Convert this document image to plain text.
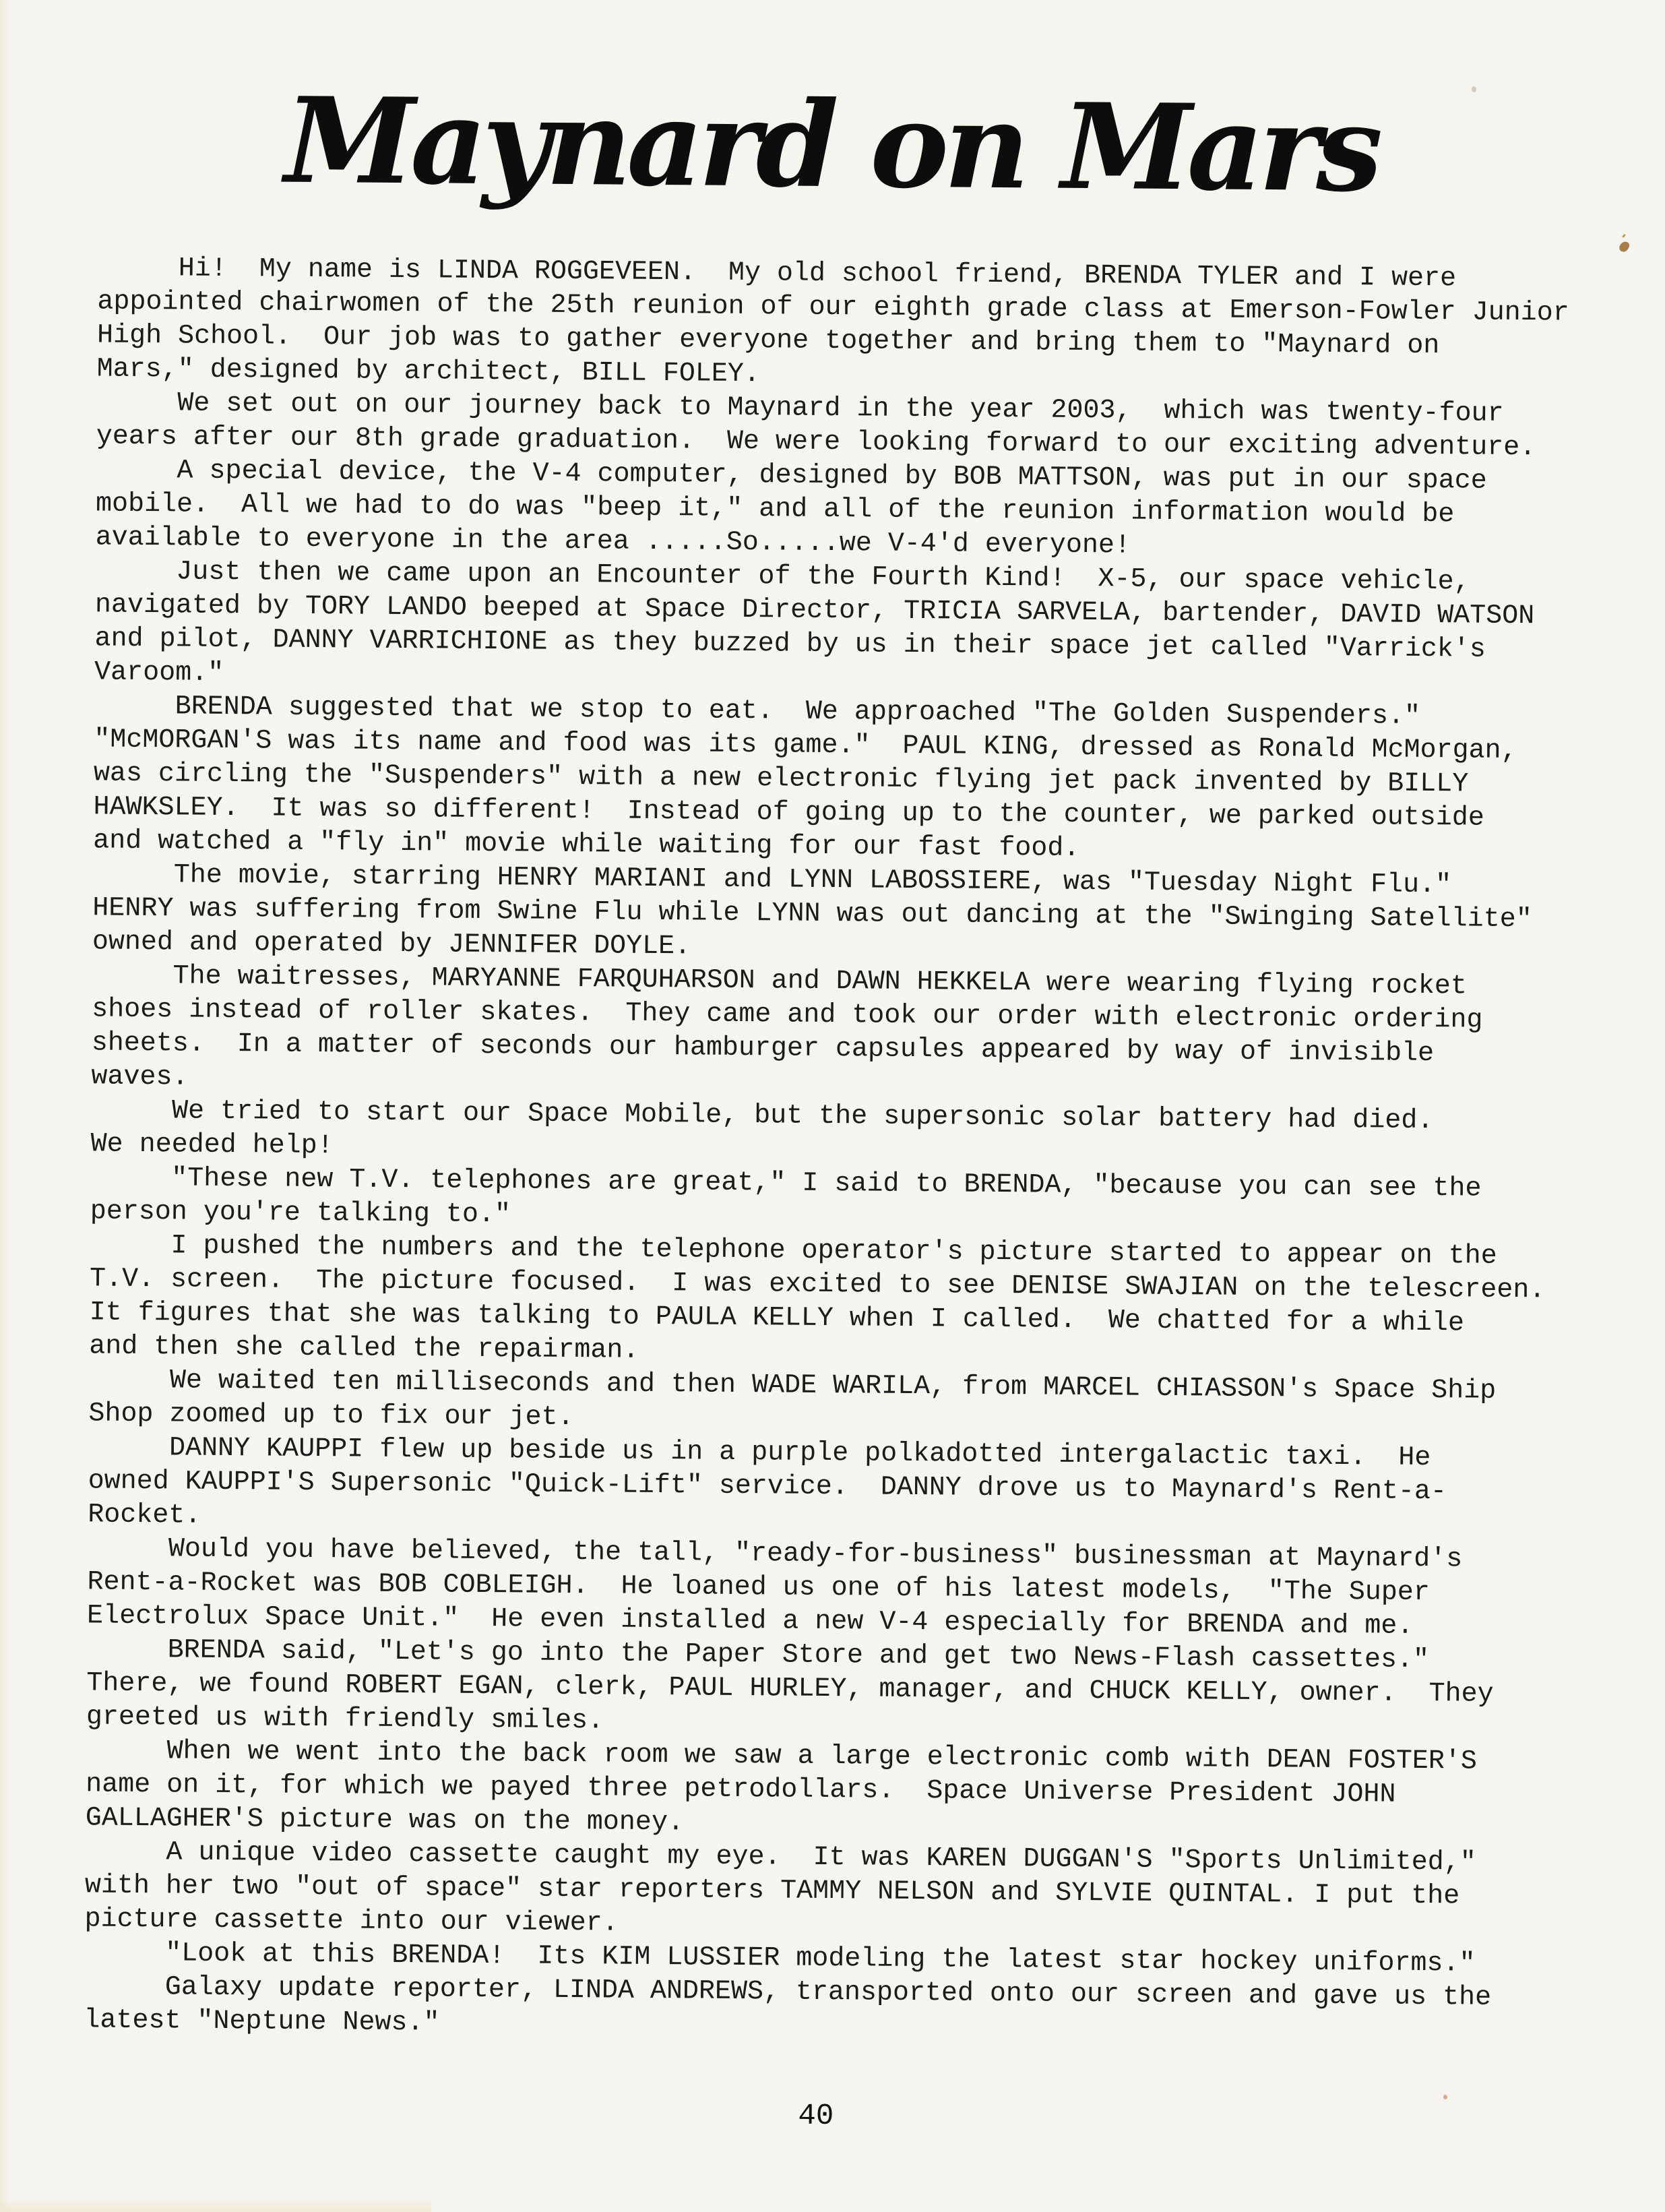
Maynard on Mars

Hi!  My name is LINDA ROGGEVEEN.  My old school friend, BRENDA TYLER and I were
appointed chairwomen of the 25th reunion of our eighth grade class at Emerson-Fowler Junior
High School.  Our job was to gather everyone together and bring them to "Maynard on
Mars," designed by architect, BILL FOLEY.

We set out on our journey back to Maynard in the year 2003,  which was twenty-four
years after our 8th grade graduation.  We were looking forward to our exciting adventure.

A special device, the V-4 computer, designed by BOB MATTSON, was put in our space
mobile.  All we had to do was "beep it," and all of the reunion information would be
available to everyone in the area .....So.....we V-4'd everyone!

Just then we came upon an Encounter of the Fourth Kind!  X-5, our space vehicle,
navigated by TORY LANDO beeped at Space Director, TRICIA SARVELA, bartender, DAVID WATSON
and pilot, DANNY VARRICHIONE as they buzzed by us in their space jet called "Varrick's
Varoom."

BRENDA suggested that we stop to eat.  We approached "The Golden Suspenders."
"McMORGAN'S was its name and food was its game."  PAUL KING, dressed as Ronald McMorgan,
was circling the "Suspenders" with a new electronic flying jet pack invented by BILLY
HAWKSLEY.  It was so different!  Instead of going up to the counter, we parked outside
and watched a "fly in" movie while waiting for our fast food.

The movie, starring HENRY MARIANI and LYNN LABOSSIERE, was "Tuesday Night Flu."
HENRY was suffering from Swine Flu while LYNN was out dancing at the "Swinging Satellite"
owned and operated by JENNIFER DOYLE.

The waitresses, MARYANNE FARQUHARSON and DAWN HEKKELA were wearing flying rocket
shoes instead of roller skates.  They came and took our order with electronic ordering
sheets.  In a matter of seconds our hamburger capsules appeared by way of invisible
waves.

We tried to start our Space Mobile, but the supersonic solar battery had died.
We needed help!

"These new T.V. telephones are great," I said to BRENDA, "because you can see the
person you're talking to."

I pushed the numbers and the telephone operator's picture started to appear on the
T.V. screen.  The picture focused.  I was excited to see DENISE SWAJIAN on the telescreen.
It figures that she was talking to PAULA KELLY when I called.  We chatted for a while
and then she called the repairman.

We waited ten milliseconds and then WADE WARILA, from MARCEL CHIASSON's Space Ship
Shop zoomed up to fix our jet.

DANNY KAUPPI flew up beside us in a purple polkadotted intergalactic taxi.  He
owned KAUPPI'S Supersonic "Quick-Lift" service.  DANNY drove us to Maynard's Rent-a-
Rocket.

Would you have believed, the tall, "ready-for-business" businessman at Maynard's
Rent-a-Rocket was BOB COBLEIGH.  He loaned us one of his latest models,  "The Super
Electrolux Space Unit."  He even installed a new V-4 especially for BRENDA and me.

BRENDA said, "Let's go into the Paper Store and get two News-Flash cassettes."
There, we found ROBERT EGAN, clerk, PAUL HURLEY, manager, and CHUCK KELLY, owner.  They
greeted us with friendly smiles.

When we went into the back room we saw a large electronic comb with DEAN FOSTER'S
name on it, for which we payed three petrodollars.  Space Universe President JOHN
GALLAGHER'S picture was on the money.

A unique video cassette caught my eye.  It was KAREN DUGGAN'S "Sports Unlimited,"
with her two "out of space" star reporters TAMMY NELSON and SYLVIE QUINTAL. I put the
picture cassette into our viewer.

"Look at this BRENDA!  Its KIM LUSSIER modeling the latest star hockey uniforms."

Galaxy update reporter, LINDA ANDREWS, transported onto our screen and gave us the
latest "Neptune News."

40
